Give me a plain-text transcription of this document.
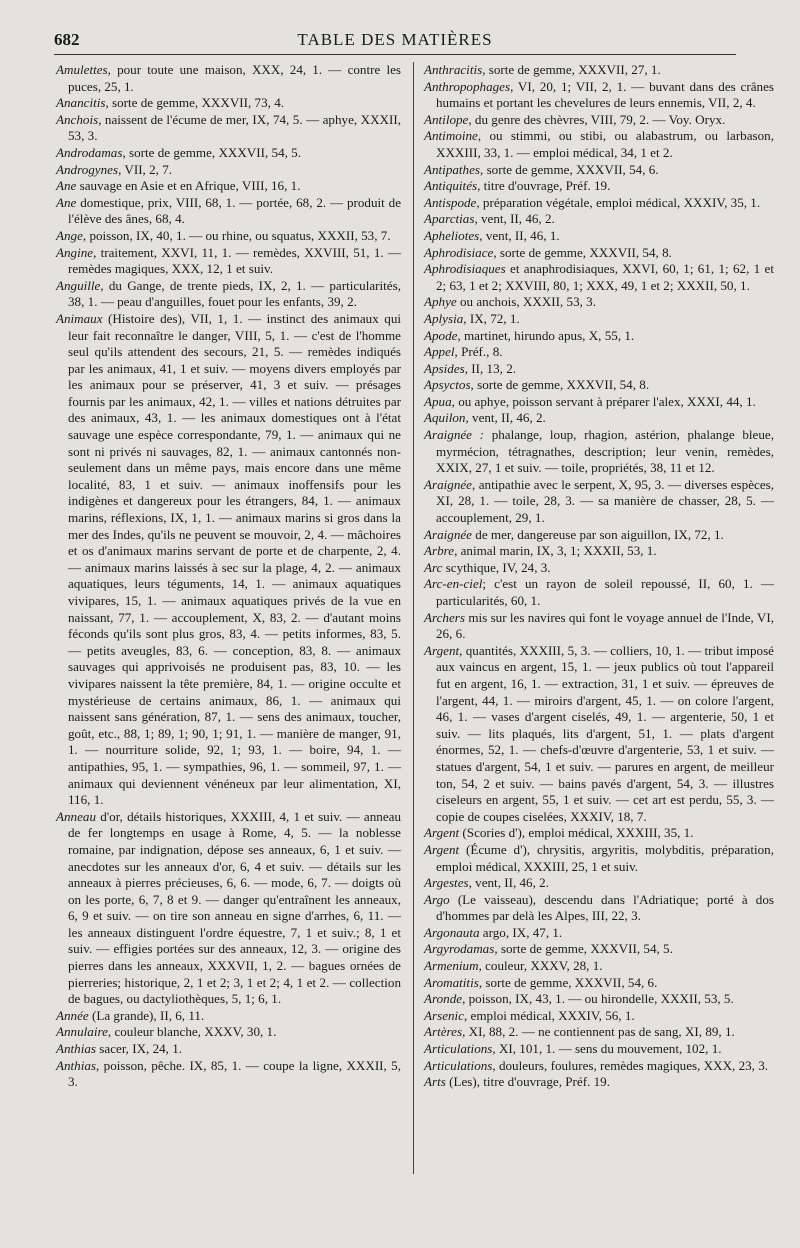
682	TABLE DES MATIÈRES

Amulettes, pour toute une maison, XXX, 24, 1. — contre les puces, 25, 1.

Anancitis, sorte de gemme, XXXVII, 73, 4.

Anchois, naissent de l'écume de mer, IX, 74, 5. — aphye, XXXII, 53, 3.

Androdamas, sorte de gemme, XXXVII, 54, 5.

Androgynes, VII, 2, 7.

Ane sauvage en Asie et en Afrique, VIII, 16, 1.

Ane domestique, prix, VIII, 68, 1. — portée, 68, 2. — produit de l'élève des ânes, 68, 4.

Ange, poisson, IX, 40, 1. — ou rhine, ou squatus, XXXII, 53, 7.

Angine, traitement, XXVI, 11, 1. — remèdes, XXVIII, 51, 1. — remèdes magiques, XXX, 12, 1 et suiv.

Anguille, du Gange, de trente pieds, IX, 2, 1. — particularités, 38, 1. — peau d'anguilles, fouet pour les enfants, 39, 2.

Animaux (Histoire des), VII, 1, 1. — instinct des animaux qui leur fait reconnaître le danger, VIII, 5, 1. — c'est de l'homme seul qu'ils attendent des secours, 21, 5. — remèdes indiqués par les animaux, 41, 1 et suiv. — moyens divers employés par les animaux pour se préserver, 41, 3 et suiv. — présages fournis par les animaux, 42, 1. — villes et nations détruites par des animaux, 43, 1. — les animaux domestiques ont à l'état sauvage une espèce correspondante, 79, 1. — animaux qui ne sont ni privés ni sauvages, 82, 1. — animaux cantonnés non-seulement dans un même pays, mais encore dans une même localité, 83, 1 et suiv. — animaux inoffensifs pour les indigènes et dangereux pour les étrangers, 84, 1. — animaux marins, réflexions, IX, 1, 1. — animaux marins si gros dans la mer des Indes, qu'ils ne peuvent se mouvoir, 2, 4. — mâchoires et os d'animaux marins servant de porte et de charpente, 2, 4. — animaux marins laissés à sec sur la plage, 4, 2. — animaux aquatiques, leurs téguments, 14, 1. — animaux aquatiques vivipares, 15, 1. — animaux aquatiques privés de la vue en naissant, 77, 1. — accouplement, X, 83, 2. — d'autant moins féconds qu'ils sont plus gros, 83, 4. — petits informes, 83, 5. — petits aveugles, 83, 6. — conception, 83, 8. — animaux sauvages qui apprivoisés ne produisent pas, 83, 10. — les vivipares naissent la tête première, 84, 1. — origine occulte et mystérieuse de certains animaux, 86, 1. — animaux qui naissent sans génération, 87, 1. — sens des animaux, toucher, goût, etc., 88, 1; 89, 1; 90, 1; 91, 1. — manière de manger, 91, 1. — nourriture solide, 92, 1; 93, 1. — boire, 94, 1. — antipathies, 95, 1. — sympathies, 96, 1. — sommeil, 97, 1. — animaux qui deviennent vénéneux par leur alimentation, XI, 116, 1.

Anneau d'or, détails historiques, XXXIII, 4, 1 et suiv. — anneau de fer longtemps en usage à Rome, 4, 5. — la noblesse romaine, par indignation, dépose ses anneaux, 6, 1 et suiv. — anecdotes sur les anneaux d'or, 6, 4 et suiv. — détails sur les anneaux à pierres précieuses, 6, 6. — mode, 6, 7. — doigts où on les porte, 6, 7, 8 et 9. — danger qu'entraînent les anneaux, 6, 9 et suiv. — on tire son anneau en signe d'arrhes, 6, 11. — les anneaux distinguent l'ordre équestre, 7, 1 et suiv.; 8, 1 et suiv. — effigies portées sur des anneaux, 12, 3. — origine des pierres dans les anneaux, XXXVII, 1, 2. — bagues ornées de pierreries; historique, 2, 1 et 2; 3, 1 et 2; 4, 1 et 2. — collection de bagues, ou dactyliothèques, 5, 1; 6, 1.

Année (La grande), II, 6, 11.

Annulaire, couleur blanche, XXXV, 30, 1.

Anthias sacer, IX, 24, 1.

Anthias, poisson, pêche. IX, 85, 1. — coupe la ligne, XXXII, 5, 3.

Anthracitis, sorte de gemme, XXXVII, 27, 1.

Anthropophages, VI, 20, 1; VII, 2, 1. — buvant dans des crânes humains et portant les chevelures de leurs ennemis, VII, 2, 4.

Antilope, du genre des chèvres, VIII, 79, 2. — Voy. Oryx.

Antimoine, ou stimmi, ou stibi, ou alabastrum, ou larbason, XXXIII, 33, 1. — emploi médical, 34, 1 et 2.

Antipathes, sorte de gemme, XXXVII, 54, 6.

Antiquités, titre d'ouvrage, Préf. 19.

Antispode, préparation végétale, emploi médical, XXXIV, 35, 1.

Aparctias, vent, II, 46, 2.

Apheliotes, vent, II, 46, 1.

Aphrodisiace, sorte de gemme, XXXVII, 54, 8.

Aphrodisiaques et anaphrodisiaques, XXVI, 60, 1; 61, 1; 62, 1 et 2; 63, 1 et 2; XXVIII, 80, 1; XXX, 49, 1 et 2; XXXII, 50, 1.

Aphye ou anchois, XXXII, 53, 3.

Aplysia, IX, 72, 1.

Apode, martinet, hirundo apus, X, 55, 1.

Appel, Préf., 8.

Apsides, II, 13, 2.

Apsyctos, sorte de gemme, XXXVII, 54, 8.

Apua, ou aphye, poisson servant à préparer l'alex, XXXI, 44, 1.

Aquilon, vent, II, 46, 2.

Araignée : phalange, loup, rhagion, astérion, phalange bleue, myrmécion, tétragnathes, description; leur venin, remèdes, XXIX, 27, 1 et suiv. — toile, propriétés, 38, 11 et 12.

Araignée, antipathie avec le serpent, X, 95, 3. — diverses espèces, XI, 28, 1. — toile, 28, 3. — sa manière de chasser, 28, 5. — accouplement, 29, 1.

Araignée de mer, dangereuse par son aiguillon, IX, 72, 1.

Arbre, animal marin, IX, 3, 1; XXXII, 53, 1.

Arc scythique, IV, 24, 3.

Arc-en-ciel; c'est un rayon de soleil repoussé, II, 60, 1. — particularités, 60, 1.

Archers mis sur les navires qui font le voyage annuel de l'Inde, VI, 26, 6.

Argent, quantités, XXXIII, 5, 3. — colliers, 10, 1. — tribut imposé aux vaincus en argent, 15, 1. — jeux publics où tout l'appareil fut en argent, 16, 1. — extraction, 31, 1 et suiv. — épreuves de l'argent, 44, 1. — miroirs d'argent, 45, 1. — on colore l'argent, 46, 1. — vases d'argent ciselés, 49, 1. — argenterie, 50, 1 et suiv. — lits plaqués, lits d'argent, 51, 1. — plats d'argent énormes, 52, 1. — chefs-d'œuvre d'argenterie, 53, 1 et suiv. — statues d'argent, 54, 1 et suiv. — parures en argent, de meilleur ton, 54, 2 et suiv. — bains pavés d'argent, 54, 3. — illustres ciseleurs en argent, 55, 1 et suiv. — cet art est perdu, 55, 3. — copie de coupes ciselées, XXXIV, 18, 7.

Argent (Scories d'), emploi médical, XXXIII, 35, 1.

Argent (Écume d'), chrysitis, argyritis, molybditis, préparation, emploi médical, XXXIII, 25, 1 et suiv.

Argestes, vent, II, 46, 2.

Argo (Le vaisseau), descendu dans l'Adriatique; porté à dos d'hommes par delà les Alpes, III, 22, 3.

Argonauta argo, IX, 47, 1.

Argyrodamas, sorte de gemme, XXXVII, 54, 5.

Armenium, couleur, XXXV, 28, 1.

Aromatitis, sorte de gemme, XXXVII, 54, 6.

Aronde, poisson, IX, 43, 1. — ou hirondelle, XXXII, 53, 5.

Arsenic, emploi médical, XXXIV, 56, 1.

Artères, XI, 88, 2. — ne contiennent pas de sang, XI, 89, 1.

Articulations, XI, 101, 1. — sens du mouvement, 102, 1.

Articulations, douleurs, foulures, remèdes magiques, XXX, 23, 3.

Arts (Les), titre d'ouvrage, Préf. 19.
